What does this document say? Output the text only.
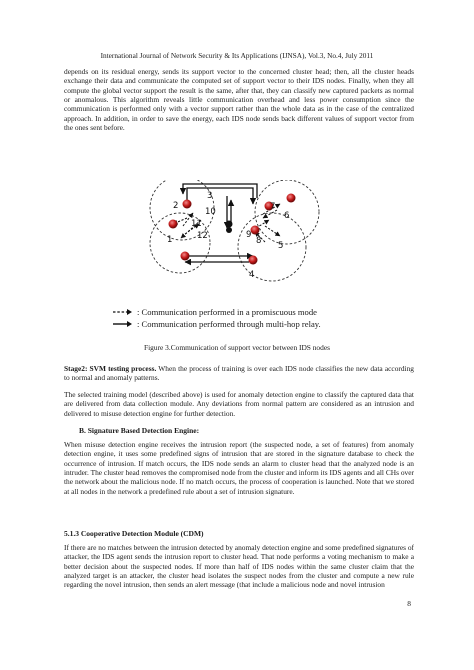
International Journal of Network Security & Its Applications (IJNSA), Vol.3, No.4, July 2011

depends on its residual energy, sends its support vector to the concerned cluster head; then, all the cluster heads exchange their data and communicate the computed set of support vector to their IDS nodes. Finally, when they all compute the global vector support the result is the same, after that, they can classify new captured packets as normal or anomalous. This algorithm reveals little communication overhead and less power consumption since the communication is performed only with a vector support rather than the whole data as in the case of the centralized approach. In addition, in order to save the energy, each IDS node sends back different values of support vector from the ones sent before.

1
2
3
4
5
6
7
8
9
10
11
12
: Communication performed in a promiscuous mode
: Communication performed through multi-hop relay.
Figure 3.Communication of support vector between IDS nodes

Stage2: SVM testing process. When the process of training is over each IDS node classifies the new data according to normal and anomaly patterns.

The selected training model (described above) is used for anomaly detection engine to classify the captured data that are delivered from data collection module. Any deviations from normal pattern are considered as an intrusion and delivered to misuse detection engine for further detection.

B. Signature Based Detection Engine:

When misuse detection engine receives the intrusion report (the suspected node, a set of features) from anomaly detection engine, it uses some predefined signs of intrusion that are stored in the signature database to check the occurrence of intrusion. If match occurs, the IDS node sends an alarm to cluster head that the analyzed node is an intruder. The cluster head removes the compromised node from the cluster and inform its IDS agents and all CHs over the network about the malicious node. If no match occurs, the process of cooperation is launched. Note that we stored at all nodes in the network a predefined rule about a set of intrusion signature.

5.1.3 Cooperative Detection Module (CDM)

If there are no matches between the intrusion detected by anomaly detection engine and some predefined signatures of attacker, the IDS agent sends the intrusion report to cluster head. That node performs a voting mechanism to make a better decision about the suspected nodes. If more than half of IDS nodes within the same cluster claim that the analyzed target is an attacker, the cluster head isolates the suspect nodes from the cluster and compute a new rule regarding the novel intrusion, then sends an alert message (that include a malicious node and novel intrusion

8
